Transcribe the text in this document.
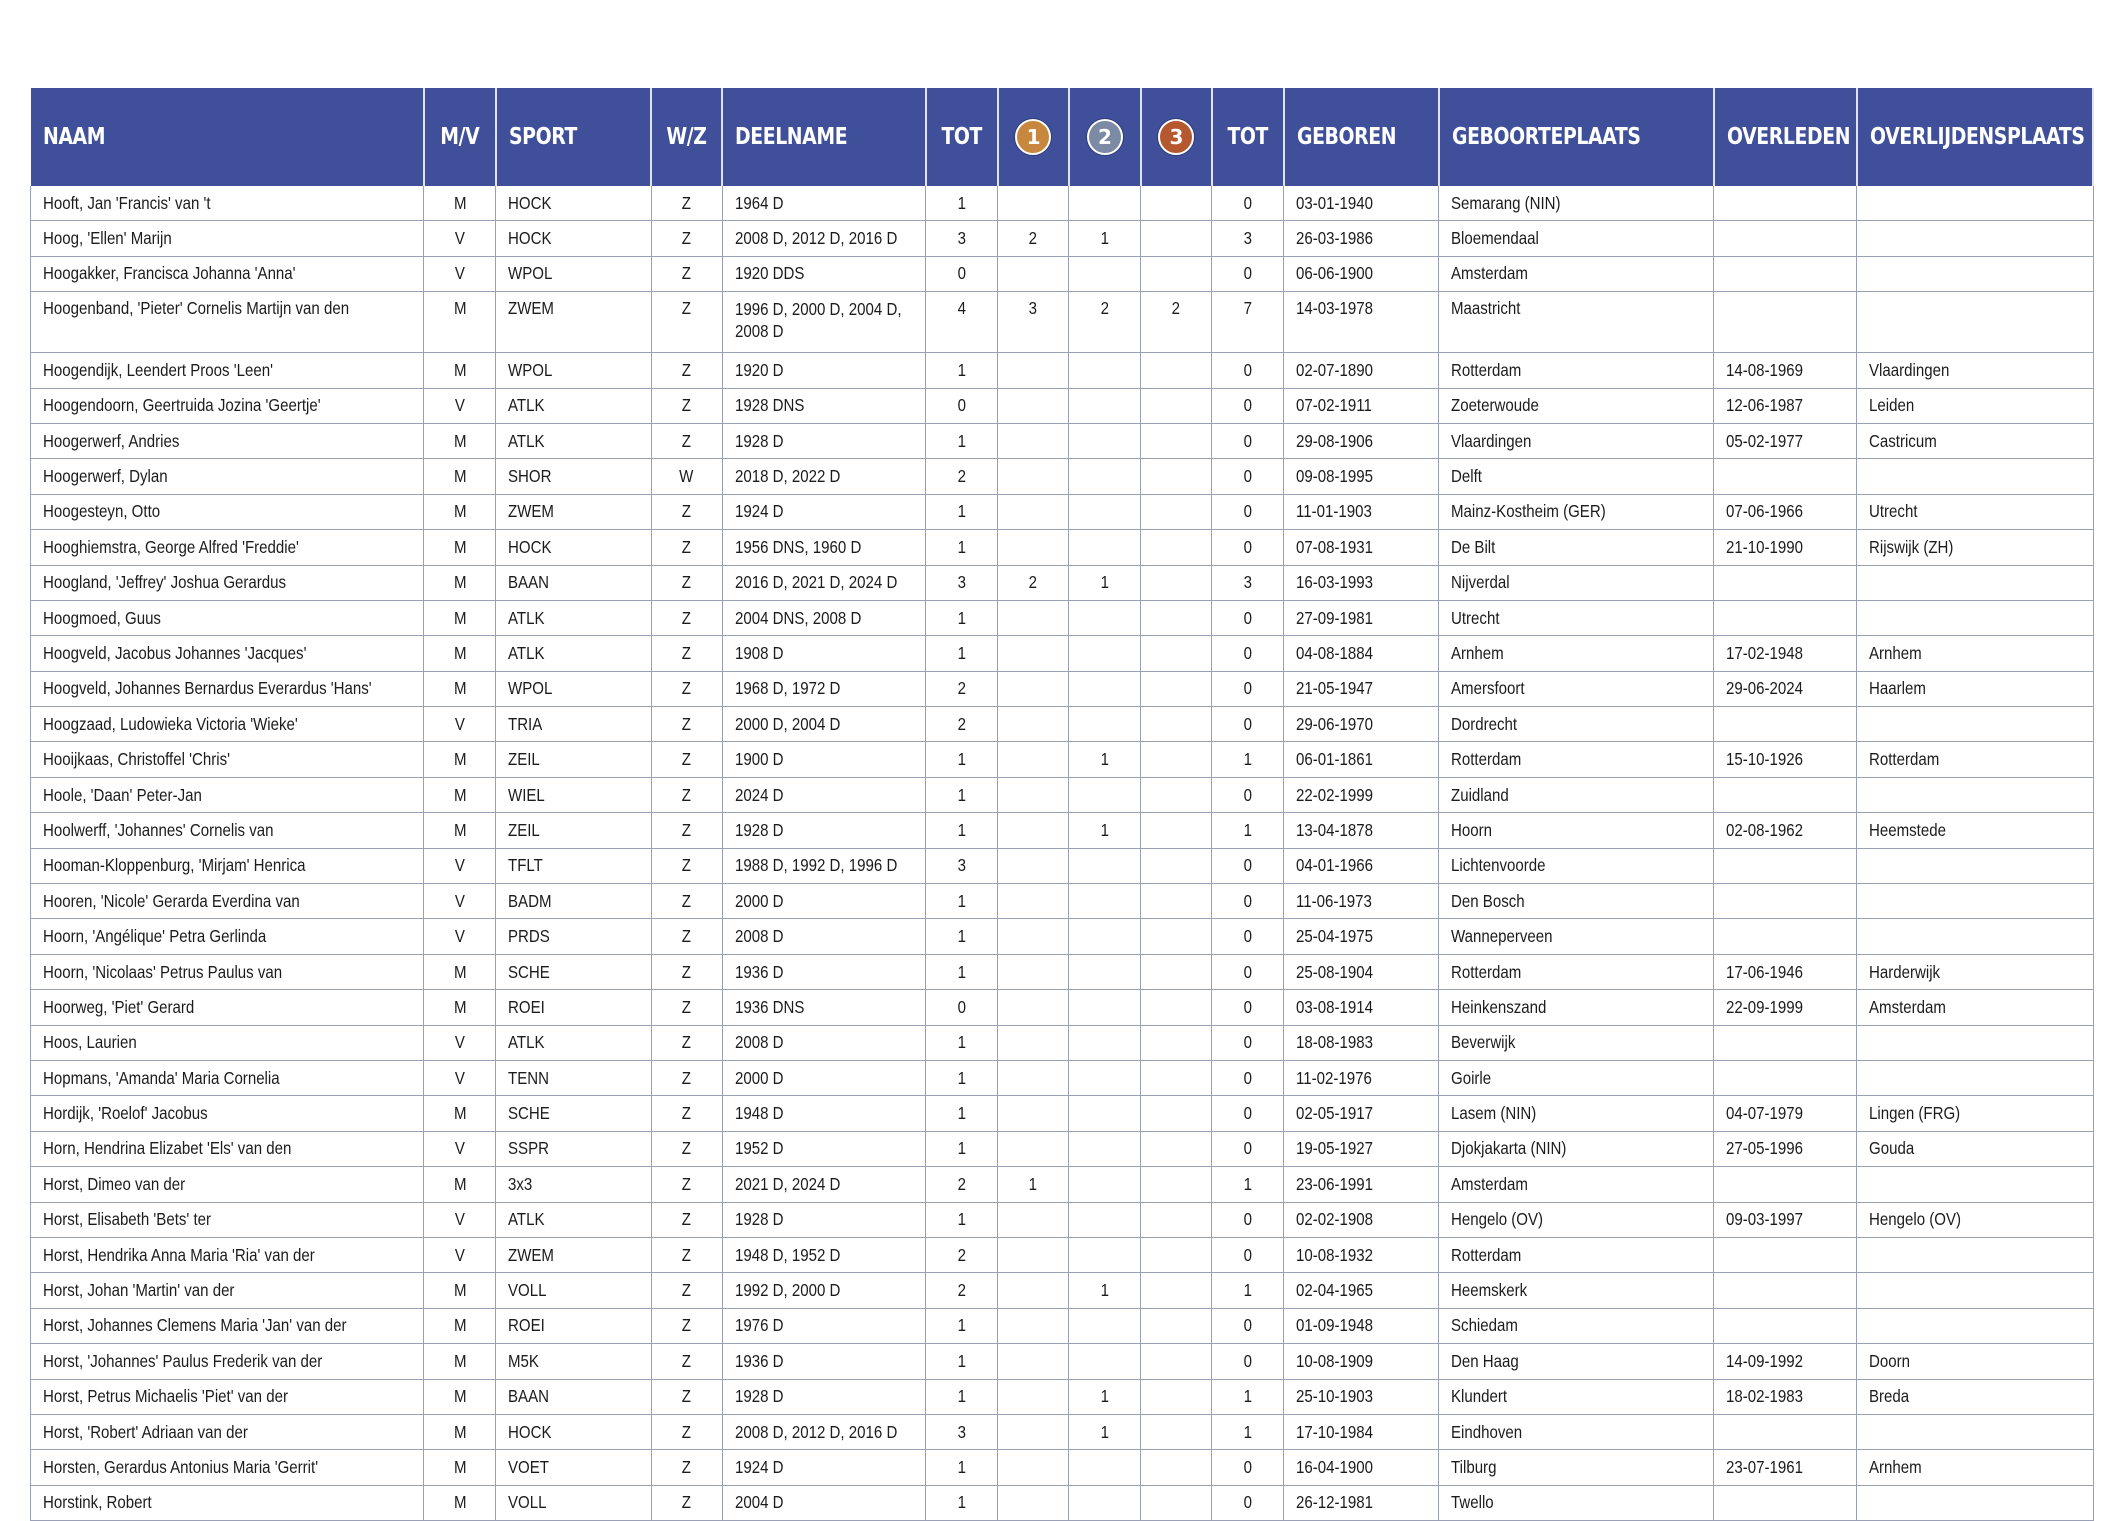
NAAM	M/V	SPORT	W/Z	DEELNAME	TOT	1	2	3	TOT	GEBOREN	GEBOORTEPLAATS	OVERLEDEN	OVERLIJDENSPLAATS
Hooft, Jan 'Francis' van 't	M	HOCK	Z	1964 D	1				0	03-01-1940	Semarang (NIN)		
Hoog, 'Ellen' Marijn	V	HOCK	Z	2008 D, 2012 D, 2016 D	3	2	1		3	26-03-1986	Bloemendaal		
Hoogakker, Francisca Johanna 'Anna'	V	WPOL	Z	1920 DDS	0				0	06-06-1900	Amsterdam		
Hoogenband, 'Pieter' Cornelis Martijn van den	M	ZWEM	Z	1996 D, 2000 D, 2004 D, 2008 D	4	3	2	2	7	14-03-1978	Maastricht		
Hoogendijk, Leendert Proos 'Leen'	M	WPOL	Z	1920 D	1				0	02-07-1890	Rotterdam	14-08-1969	Vlaardingen
Hoogendoorn, Geertruida Jozina 'Geertje'	V	ATLK	Z	1928 DNS	0				0	07-02-1911	Zoeterwoude	12-06-1987	Leiden
Hoogerwerf, Andries	M	ATLK	Z	1928 D	1				0	29-08-1906	Vlaardingen	05-02-1977	Castricum
Hoogerwerf, Dylan	M	SHOR	W	2018 D, 2022 D	2				0	09-08-1995	Delft		
Hoogesteyn, Otto	M	ZWEM	Z	1924 D	1				0	11-01-1903	Mainz-Kostheim (GER)	07-06-1966	Utrecht
Hooghiemstra, George Alfred 'Freddie'	M	HOCK	Z	1956 DNS, 1960 D	1				0	07-08-1931	De Bilt	21-10-1990	Rijswijk (ZH)
Hoogland, 'Jeffrey' Joshua Gerardus	M	BAAN	Z	2016 D, 2021 D, 2024 D	3	2	1		3	16-03-1993	Nijverdal		
Hoogmoed, Guus	M	ATLK	Z	2004 DNS, 2008 D	1				0	27-09-1981	Utrecht		
Hoogveld, Jacobus Johannes 'Jacques'	M	ATLK	Z	1908 D	1				0	04-08-1884	Arnhem	17-02-1948	Arnhem
Hoogveld, Johannes Bernardus Everardus 'Hans'	M	WPOL	Z	1968 D, 1972 D	2				0	21-05-1947	Amersfoort	29-06-2024	Haarlem
Hoogzaad, Ludowieka Victoria 'Wieke'	V	TRIA	Z	2000 D, 2004 D	2				0	29-06-1970	Dordrecht		
Hooijkaas, Christoffel 'Chris'	M	ZEIL	Z	1900 D	1		1		1	06-01-1861	Rotterdam	15-10-1926	Rotterdam
Hoole, 'Daan' Peter-Jan	M	WIEL	Z	2024 D	1				0	22-02-1999	Zuidland		
Hoolwerff, 'Johannes' Cornelis van	M	ZEIL	Z	1928 D	1		1		1	13-04-1878	Hoorn	02-08-1962	Heemstede
Hooman-Kloppenburg, 'Mirjam' Henrica	V	TFLT	Z	1988 D, 1992 D, 1996 D	3				0	04-01-1966	Lichtenvoorde		
Hooren, 'Nicole' Gerarda Everdina van	V	BADM	Z	2000 D	1				0	11-06-1973	Den Bosch		
Hoorn, 'Angélique' Petra Gerlinda	V	PRDS	Z	2008 D	1				0	25-04-1975	Wanneperveen		
Hoorn, 'Nicolaas' Petrus Paulus van	M	SCHE	Z	1936 D	1				0	25-08-1904	Rotterdam	17-06-1946	Harderwijk
Hoorweg, 'Piet' Gerard	M	ROEI	Z	1936 DNS	0				0	03-08-1914	Heinkenszand	22-09-1999	Amsterdam
Hoos, Laurien	V	ATLK	Z	2008 D	1				0	18-08-1983	Beverwijk		
Hopmans, 'Amanda' Maria Cornelia	V	TENN	Z	2000 D	1				0	11-02-1976	Goirle		
Hordijk, 'Roelof' Jacobus	M	SCHE	Z	1948 D	1				0	02-05-1917	Lasem (NIN)	04-07-1979	Lingen (FRG)
Horn, Hendrina Elizabet 'Els' van den	V	SSPR	Z	1952 D	1				0	19-05-1927	Djokjakarta (NIN)	27-05-1996	Gouda
Horst, Dimeo van der	M	3x3	Z	2021 D, 2024 D	2	1			1	23-06-1991	Amsterdam		
Horst, Elisabeth 'Bets' ter	V	ATLK	Z	1928 D	1				0	02-02-1908	Hengelo (OV)	09-03-1997	Hengelo (OV)
Horst, Hendrika Anna Maria 'Ria' van der	V	ZWEM	Z	1948 D, 1952 D	2				0	10-08-1932	Rotterdam		
Horst, Johan 'Martin' van der	M	VOLL	Z	1992 D, 2000 D	2		1		1	02-04-1965	Heemskerk		
Horst, Johannes Clemens Maria 'Jan' van der	M	ROEI	Z	1976 D	1				0	01-09-1948	Schiedam		
Horst, 'Johannes' Paulus Frederik van der	M	M5K	Z	1936 D	1				0	10-08-1909	Den Haag	14-09-1992	Doorn
Horst, Petrus Michaelis 'Piet' van der	M	BAAN	Z	1928 D	1		1		1	25-10-1903	Klundert	18-02-1983	Breda
Horst, 'Robert' Adriaan van der	M	HOCK	Z	2008 D, 2012 D, 2016 D	3		1		1	17-10-1984	Eindhoven		
Horsten, Gerardus Antonius Maria 'Gerrit'	M	VOET	Z	1924 D	1				0	16-04-1900	Tilburg	23-07-1961	Arnhem
Horstink, Robert	M	VOLL	Z	2004 D	1				0	26-12-1981	Twello		
